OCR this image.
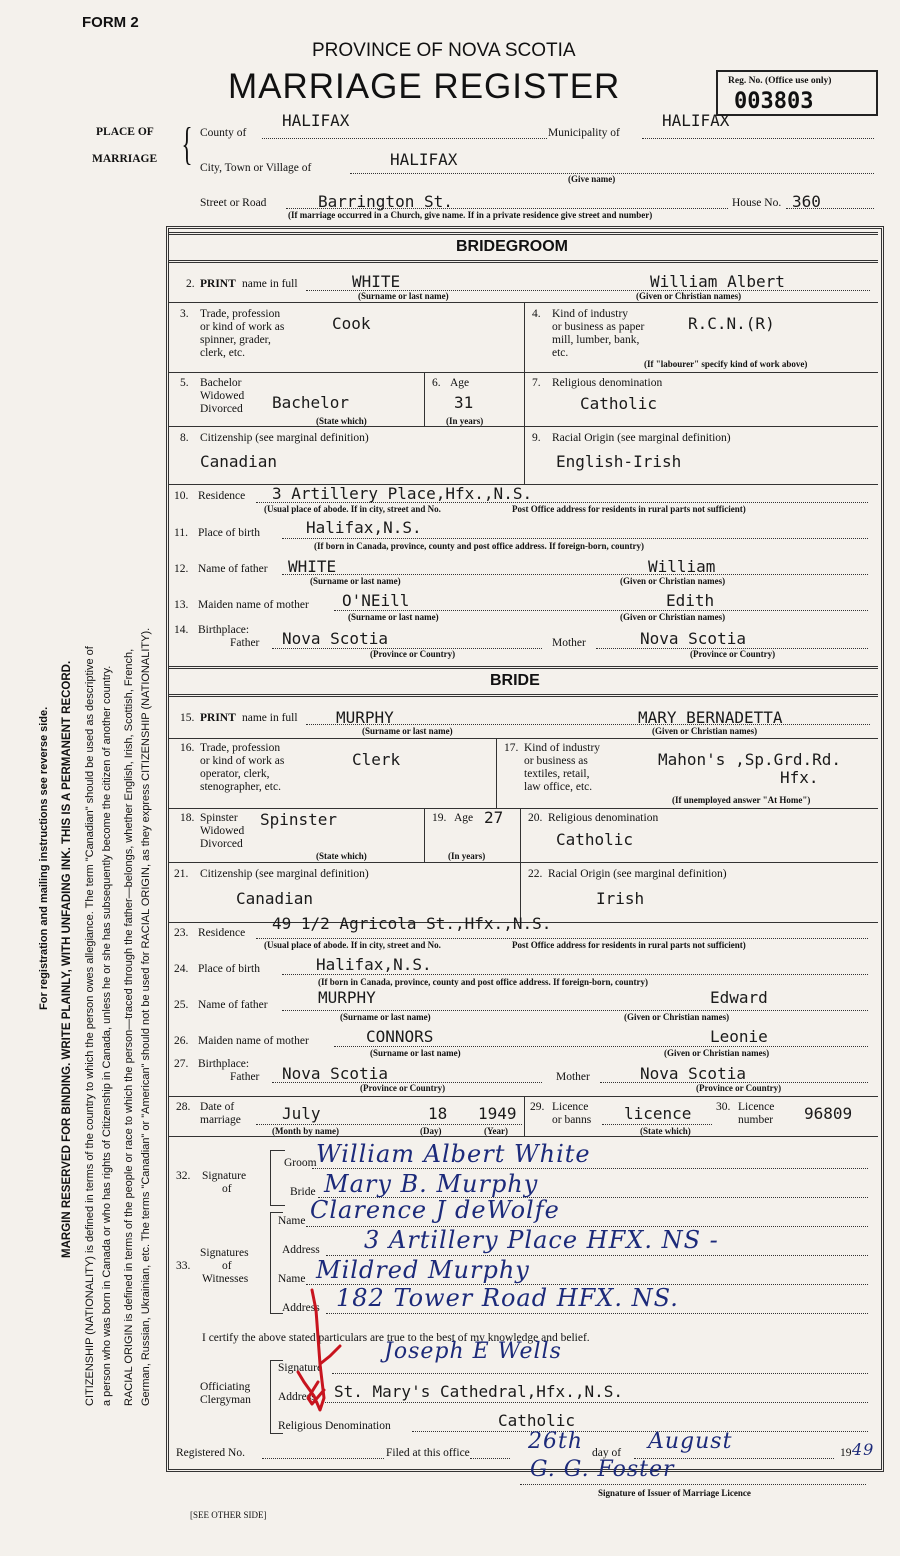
FORM 2
PROVINCE OF NOVA SCOTIA
MARRIAGE REGISTER	Reg. No. (Office use only)
003803
PLACE OF
MARRIAGE { County of
HALIFAX
Municipality of
HALIFAX
City, Town or Village of	HALIFAX
(Give name)
Street or Road	Barrington St.	House No. 360
(If marriage occurred in a Church, give name. If in a private residence give street and number)
BRIDEGROOM
2. PRINT name in full	WHITE	William Albert
(Surname or last name)	(Given or Christian names)
3. Trade, profession
or kind of work as
spinner, grader,
clerk, etc.
Cook	4. Kind of industry
or business as paper
mill, lumber, bank,
etc.
R.C.N.(R)
(If "labourer" specify kind of work above)
5. Bachelor
Widowed
Divorced Bachelor
(State which)
6. Age
31
(In years)
7. Religious denomination
Catholic
8. Citizenship (see marginal definition)
Canadian
9. Racial Origin (see marginal definition)
English-Irish
10. Residence 3 Artillery Place,Hfx.,N.S.
(Usual place of abode. If in city, street and No.	Post Office address for residents in rural parts not sufficient)
11. Place of birth	Halifax,N.S.
(If born in Canada, province, county and post office address. If foreign-born, country)
12. Name of father WHITE	William
(Surname or last name)	(Given or Christian names)
13. Maiden name of mother O'NEill	Edith
(Surname or last name)	(Given or Christian names)
14. Birthplace:
Father Nova Scotia	Mother	Nova Scotia
(Province or Country)	(Province or Country)
BRIDE
15. PRINT name in full MURPHY	MARY BERNADETTA
(Surname or last name)	(Given or Christian names)
16. Trade, profession
or kind of work as
operator, clerk,
stenographer, etc.
Clerk
17. Kind of industry
or business as
textiles, retail,
law office, etc.
Mahon's ,Sp.Grd.Rd.
Hfx.
(If unemployed answer "At Home")
18. Spinster
Widowed
Divorced
Spinster
(State which)
19. Age 27
(In years)
20. Religious denomination
Catholic
21. Citizenship (see marginal definition)
Canadian
22. Racial Origin (see marginal definition)
Irish
23. Residence 49 1/2 Agricola St.,Hfx.,N.S.
(Usual place of abode. If in city, street and No.	Post Office address for residents in rural parts not sufficient)
24. Place of birth	Halifax,N.S.
(If born in Canada, province, county and post office address. If foreign-born, country)
25. Name of father	MURPHY	Edward
(Surname or last name)	(Given or Christian names)
26. Maiden name of mother	CONNORS	Leonie
(Surname or last name)	(Given or Christian names)
27. Birthplace:
Father Nova Scotia	Mother	Nova Scotia
(Province or Country)	(Province or Country)
28. Date of
marriage	July	18 1949
(Month by name)	(Day)	(Year)
29. Licence
or banns licence
(State which)
30. Licence
number 96809
32. Signature
of
Groom William Albert White
Bride Mary B. Murphy
33.
Signatures
of
Witnesses
Name Clarence J deWolfe
Address 3 Artillery Place HFX. NS -
Name Mildred Murphy
Address 182 Tower Road HFX. NS.
I certify the above stated particulars are true to the best of my knowledge and belief.
Officiating
Clergyman
Signature
Joseph E Wells
Address St. Mary's Cathedral,Hfx.,N.S.
Religious Denomination	Catholic
Registered No.	Filed at this office	26th day of August	19 49
G. G. Foster
Signature of Issuer of Marriage Licence
[SEE OTHER SIDE]
For registration and mailing instructions see reverse side. MARGIN RESERVED FOR BINDING. WRITE PLAINLY, WITH UNFADING INK. THIS IS A PERMANENT RECORD. CITIZENSHIP (NATIONALITY) is defined in terms of the country to which the person owes allegiance. The term "Canadian" should be used as descriptive of a person who was born in Canada or who has rights of Citizenship in Canada, unless he or she has subsequently become the citizen of another country. RACIAL ORIGIN is defined in terms of the people or race to which the person—traced through the father—belongs, whether English, Irish, Scottish, French, German, Russian, Ukrainian, etc. The terms "Canadian" or "American" should not be used for RACIAL ORIGIN, as they express CITIZENSHIP (NATIONALITY).
